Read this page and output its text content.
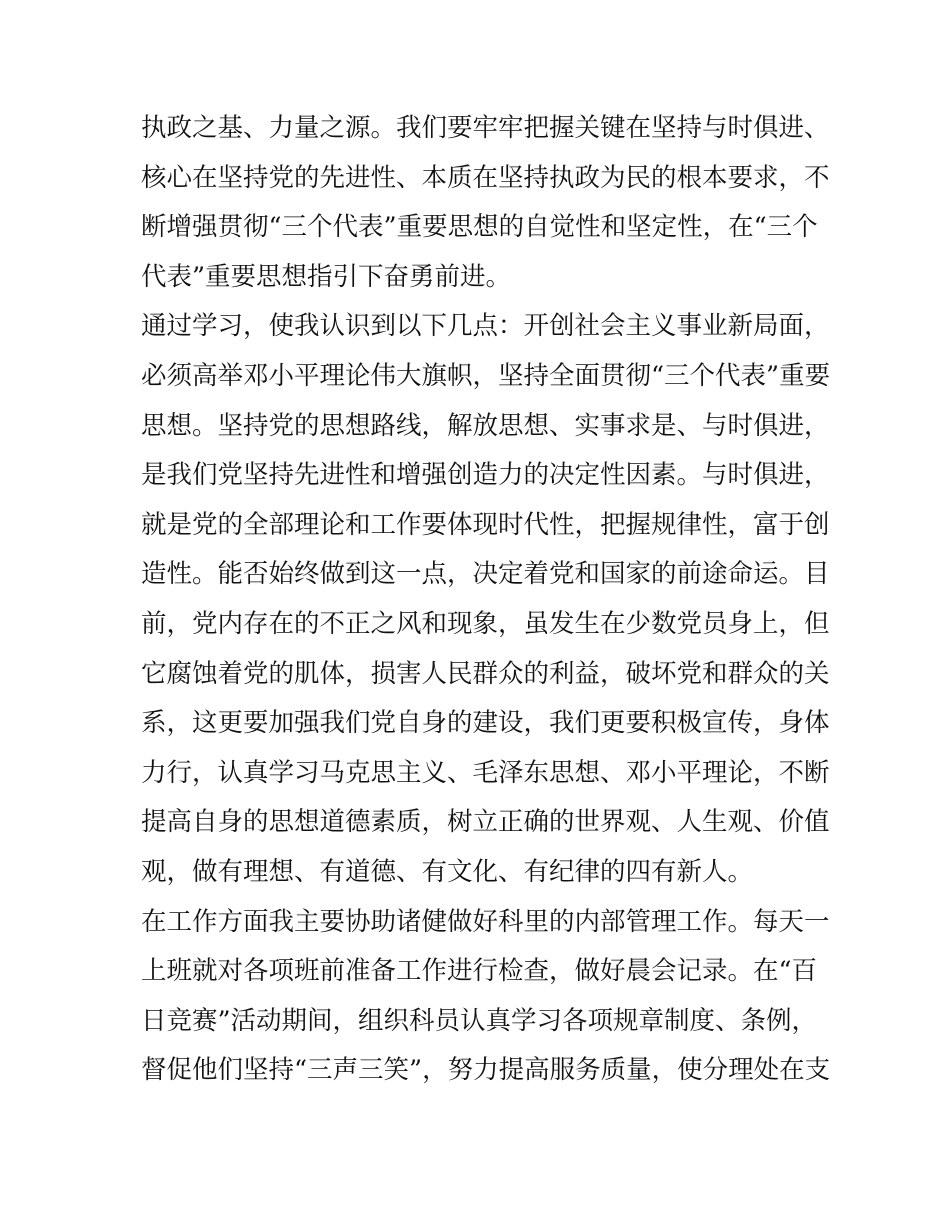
执政之基、力量之源。我们要牢牢把握关键在坚持与时俱进、
核心在坚持党的先进性、本质在坚持执政为民的根本要求，不
断增强贯彻“三个代表”重要思想的自觉性和坚定性，在“三个
代表”重要思想指引下奋勇前进。
通过学习，使我认识到以下几点：开创社会主义事业新局面，
必须高举邓小平理论伟大旗帜，坚持全面贯彻“三个代表”重要
思想。坚持党的思想路线，解放思想、实事求是、与时俱进，
是我们党坚持先进性和增强创造力的决定性因素。与时俱进，
就是党的全部理论和工作要体现时代性，把握规律性，富于创
造性。能否始终做到这一点，决定着党和国家的前途命运。目
前，党内存在的不正之风和现象，虽发生在少数党员身上，但
它腐蚀着党的肌体，损害人民群众的利益，破坏党和群众的关
系，这更要加强我们党自身的建设，我们更要积极宣传，身体
力行，认真学习马克思主义、毛泽东思想、邓小平理论，不断
提高自身的思想道德素质，树立正确的世界观、人生观、价值
观，做有理想、有道德、有文化、有纪律的四有新人。
在工作方面我主要协助诸健做好科里的内部管理工作。每天一
上班就对各项班前准备工作进行检查，做好晨会记录。在“百
日竞赛”活动期间，组织科员认真学习各项规章制度、条例，
督促他们坚持“三声三笑”，努力提高服务质量，使分理处在支
